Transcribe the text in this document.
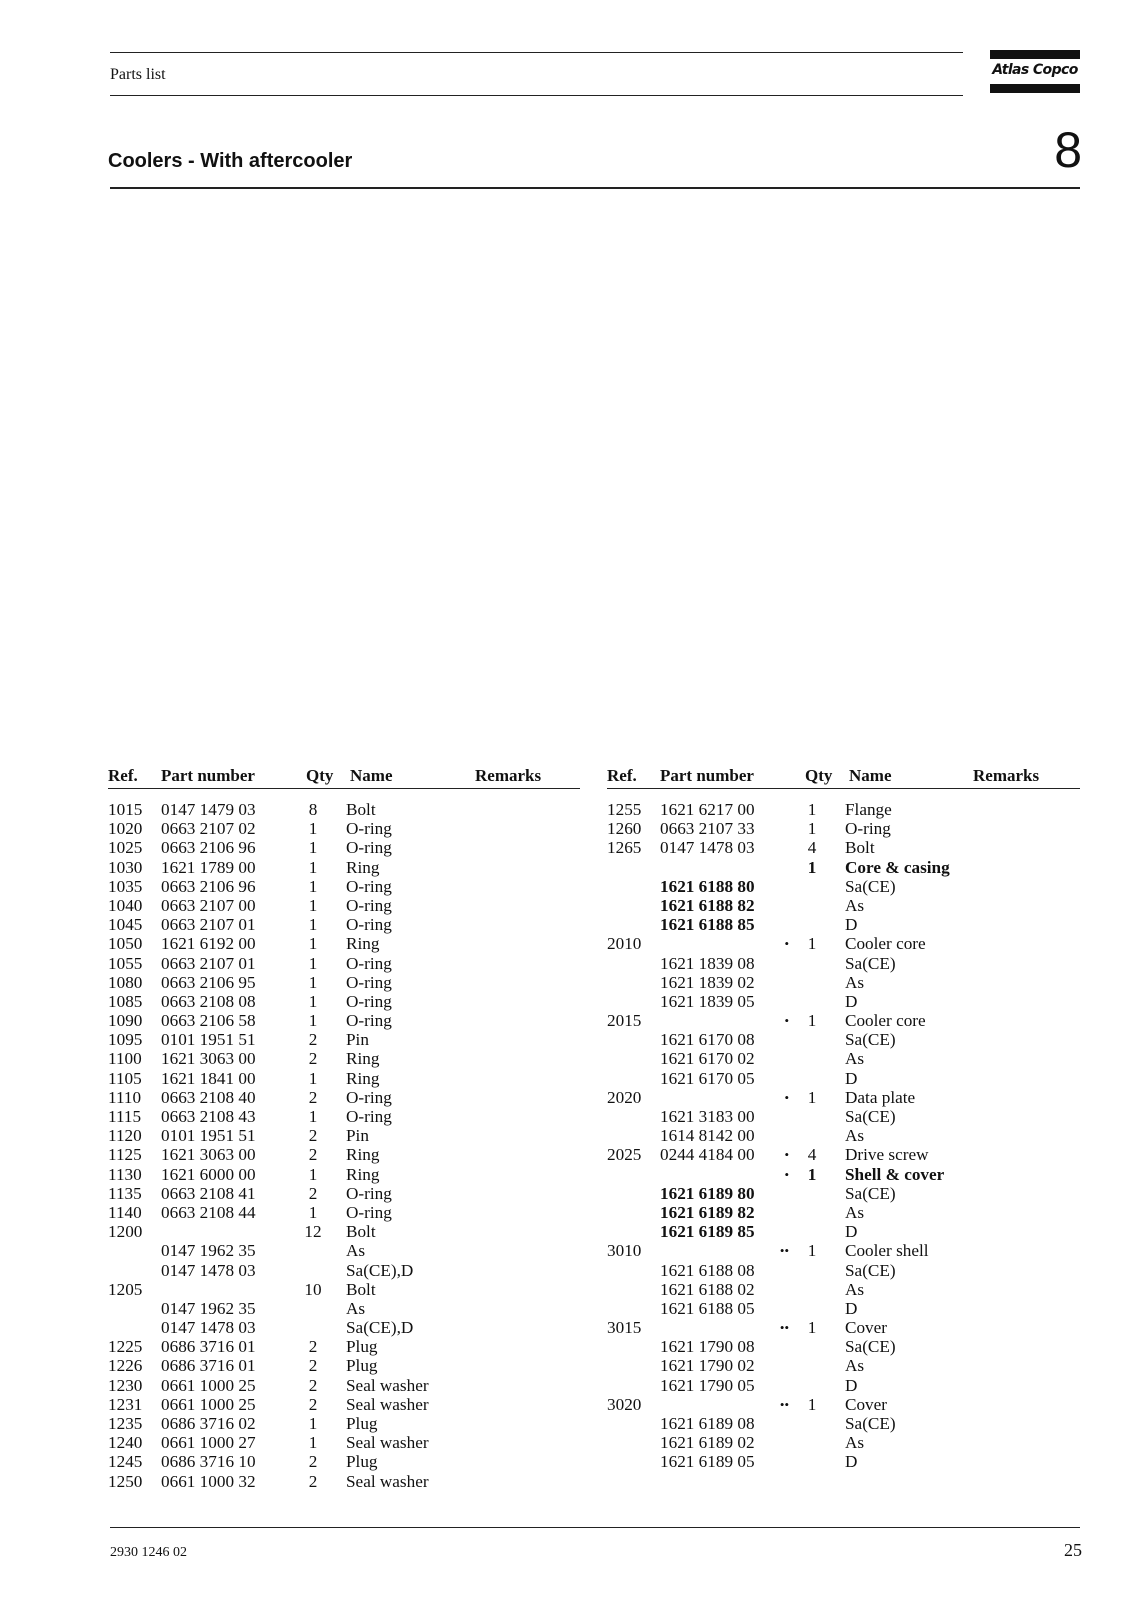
Parts list	Atlas Copco
Coolers - With aftercooler	8
Ref. Part number	Qty Name	Remarks
1015 0147 1479 03	8	Bolt
1020 0663 2107 02	1	O-ring
1025 0663 2106 96	1	O-ring
1030 1621 1789 00	1	Ring
1035 0663 2106 96	1	O-ring
1040 0663 2107 00	1	O-ring
1045 0663 2107 01	1	O-ring
1050 1621 6192 00	1	Ring
1055 0663 2107 01	1	O-ring
1080 0663 2106 95	1	O-ring
1085 0663 2108 08	1	O-ring
1090 0663 2106 58	1	O-ring
1095 0101 1951 51	2	Pin
1100 1621 3063 00	2	Ring
1105 1621 1841 00	1	Ring
1110 0663 2108 40	2	O-ring
1115 0663 2108 43	1	O-ring
1120 0101 1951 51	2	Pin
1125 1621 3063 00	2	Ring
1130 1621 6000 00	1	Ring
1135 0663 2108 41	2	O-ring
1140 0663 2108 44	1	O-ring
1200	12 Bolt
0147 1962 35	As
0147 1478 03	Sa(CE),D
1205	10 Bolt
0147 1962 35	As
0147 1478 03	Sa(CE),D
1225 0686 3716 01	2	Plug
1226 0686 3716 01	2	Plug
1230 0661 1000 25	2	Seal washer
1231 0661 1000 25	2	Seal washer
1235 0686 3716 02	1	Plug
1240 0661 1000 27	1	Seal washer
1245 0686 3716 10	2	Plug
1250 0661 1000 32	2	Seal washer
Ref. Part number	Qty Name	Remarks
1255 1621 6217 00	1	Flange
1260 0663 2107 33	1	O-ring
1265 0147 1478 03	4	Bolt
1	Core & casing
1621 6188 80	Sa(CE)
1621 6188 82	As
1621 6188 85	D
2010	•	1	Cooler core
1621 1839 08	Sa(CE)
1621 1839 02	As
1621 1839 05	D
2015	•	1	Cooler core
1621 6170 08	Sa(CE)
1621 6170 02	As
1621 6170 05	D
2020	•	1	Data plate
1621 3183 00	Sa(CE)
1614 8142 00	As
2025 0244 4184 00	•	4	Drive screw
•	1	Shell & cover
1621 6189 80	Sa(CE)
1621 6189 82	As
1621 6189 85	D
3010	••	1	Cooler shell
1621 6188 08	Sa(CE)
1621 6188 02	As
1621 6188 05	D
3015	••	1	Cover
1621 1790 08	Sa(CE)
1621 1790 02	As
1621 1790 05	D
3020	••	1	Cover
1621 6189 08	Sa(CE)
1621 6189 02	As
1621 6189 05	D
2930 1246 02	25
